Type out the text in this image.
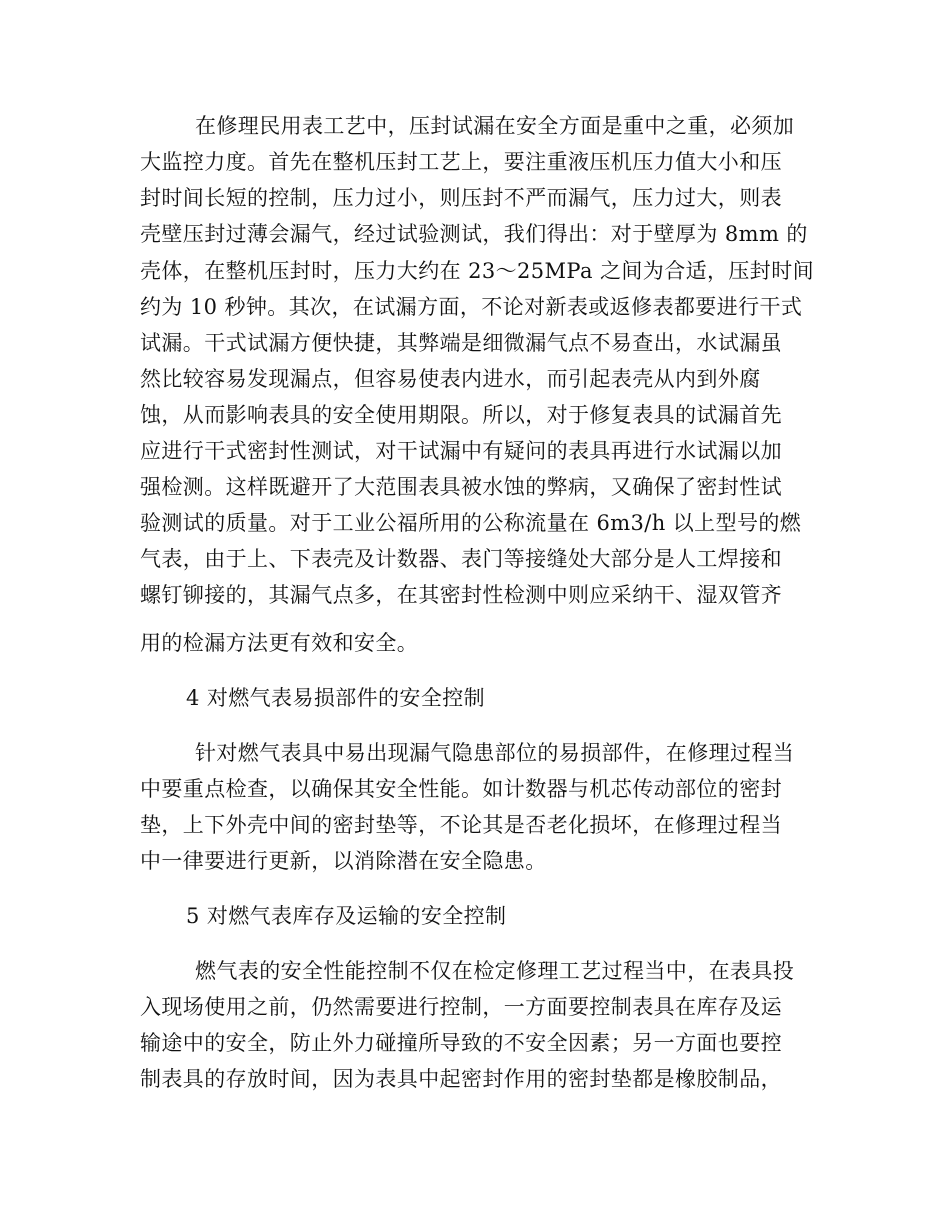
在修理民用表工艺中，压封试漏在安全方面是重中之重，必须加
大监控力度。首先在整机压封工艺上，要注重液压机压力值大小和压
封时间长短的控制，压力过小，则压封不严而漏气，压力过大，则表
壳壁压封过薄会漏气，经过试验测试，我们得出：对于壁厚为 8mm 的
壳体，在整机压封时，压力大约在 23～25MPa 之间为合适，压封时间
约为 10 秒钟。其次，在试漏方面，不论对新表或返修表都要进行干式
试漏。干式试漏方便快捷，其弊端是细微漏气点不易查出，水试漏虽
然比较容易发现漏点，但容易使表内进水，而引起表壳从内到外腐
蚀，从而影响表具的安全使用期限。所以，对于修复表具的试漏首先
应进行干式密封性测试，对干试漏中有疑问的表具再进行水试漏以加
强检测。这样既避开了大范围表具被水蚀的弊病，又确保了密封性试
验测试的质量。对于工业公福所用的公称流量在 6m3/h 以上型号的燃
气表，由于上、下表壳及计数器、表门等接缝处大部分是人工焊接和
螺钉铆接的，其漏气点多，在其密封性检测中则应采纳干、湿双管齐
用的检漏方法更有效和安全。
4 对燃气表易损部件的安全控制
针对燃气表具中易出现漏气隐患部位的易损部件，在修理过程当
中要重点检查，以确保其安全性能。如计数器与机芯传动部位的密封
垫，上下外壳中间的密封垫等，不论其是否老化损坏，在修理过程当
中一律要进行更新，以消除潜在安全隐患。
5 对燃气表库存及运输的安全控制
燃气表的安全性能控制不仅在检定修理工艺过程当中，在表具投
入现场使用之前，仍然需要进行控制，一方面要控制表具在库存及运
输途中的安全，防止外力碰撞所导致的不安全因素；另一方面也要控
制表具的存放时间，因为表具中起密封作用的密封垫都是橡胶制品，
